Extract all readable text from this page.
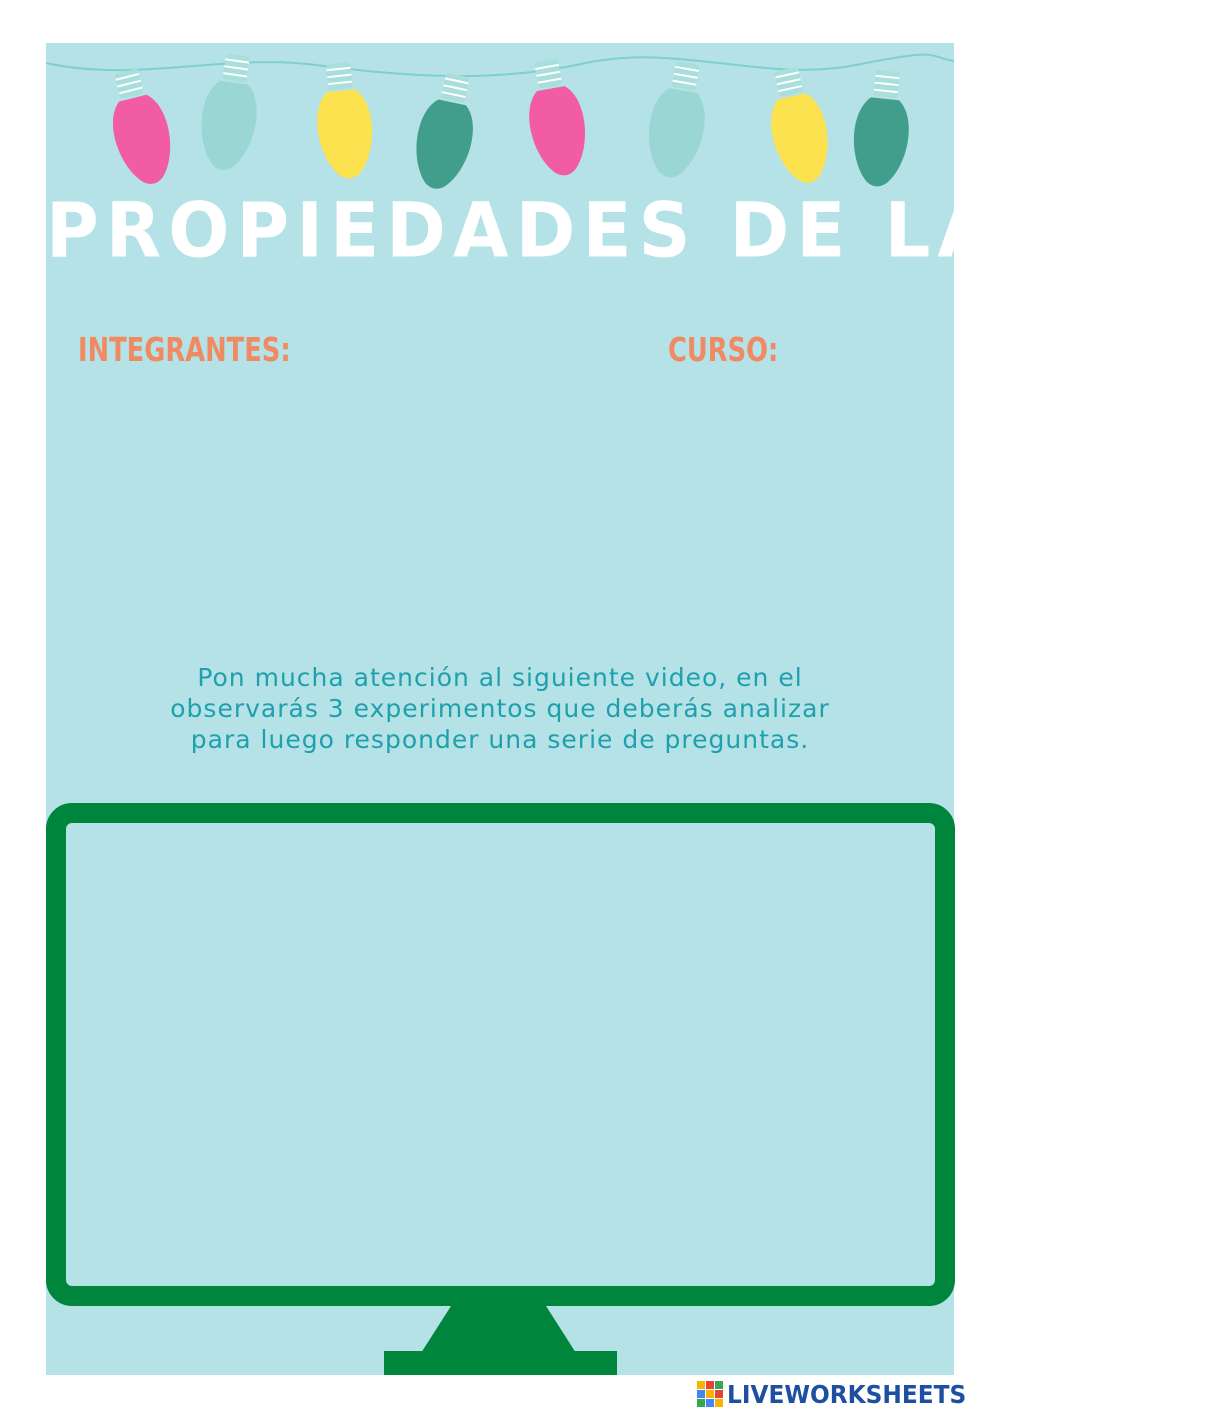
PROPIEDADES DE LA LUZ
INTEGRANTES:	CURSO:
Pon mucha atención al siguiente video, en el
observarás 3 experimentos que deberás analizar
para luego responder una serie de preguntas.
LIVEWORKSHEETS
